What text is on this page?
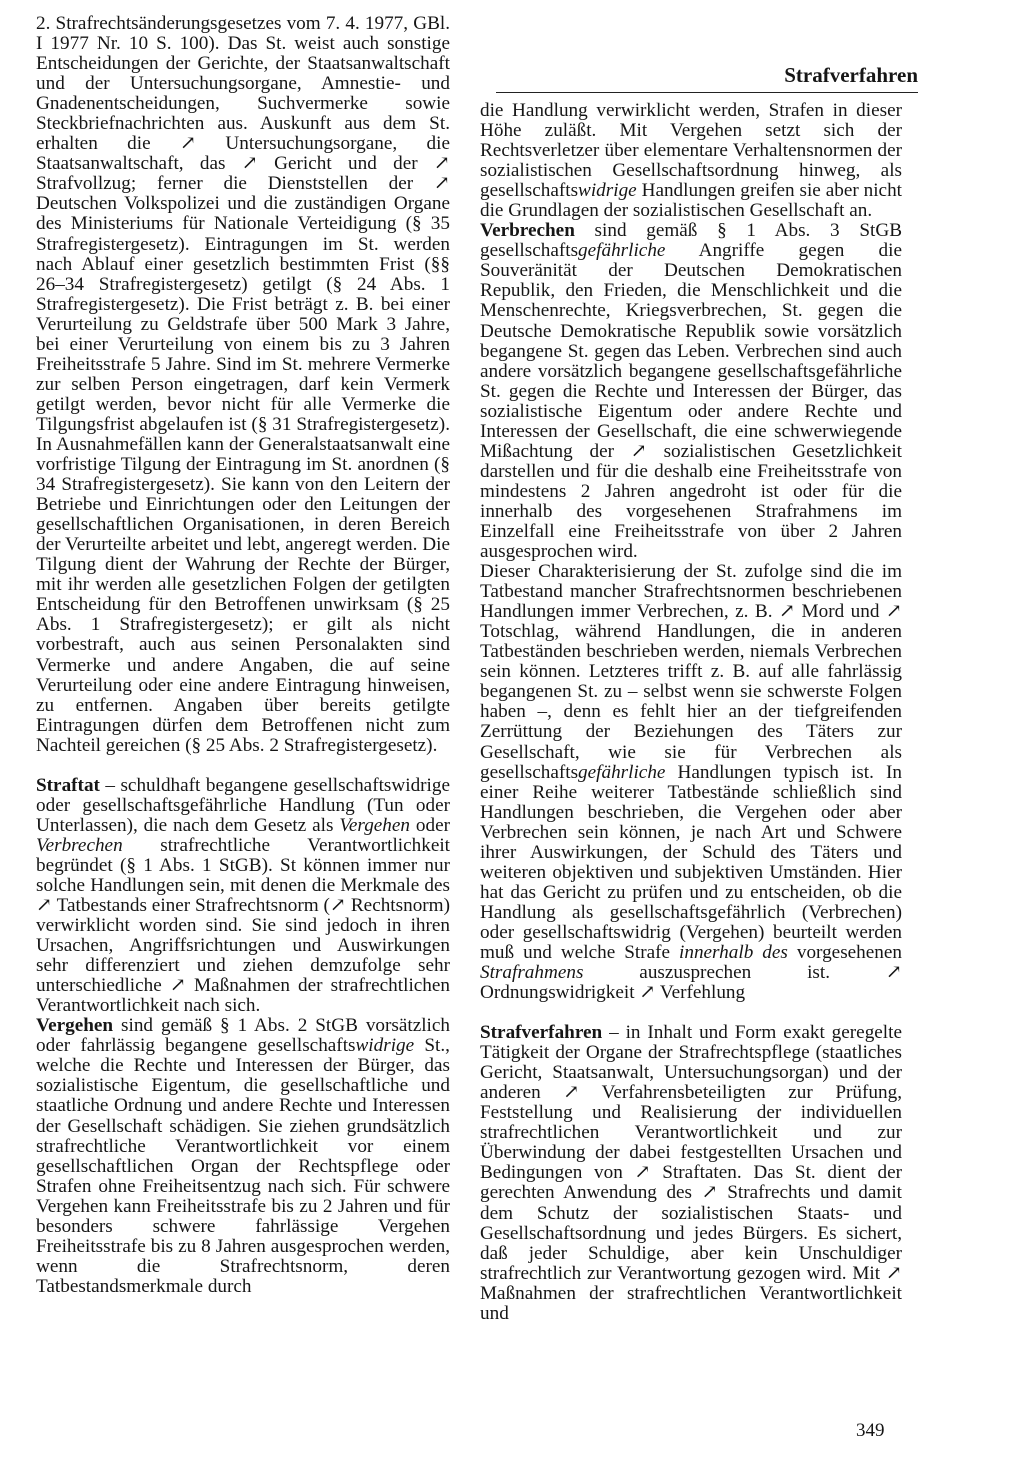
Strafverfahren

2. Strafrechtsänderungsgesetzes vom 7. 4. 1977, GBl. I 1977 Nr. 10 S. 100). Das St. weist auch sonstige Entscheidungen der Gerichte, der Staatsanwaltschaft und der Untersuchungsorgane, Amnestie- und Gnadenentscheidungen, Suchvermerke sowie Steckbriefnachrichten aus. Auskunft aus dem St. erhalten die ↗ Untersuchungsorgane, die Staatsanwaltschaft, das ↗ Gericht und der ↗ Strafvollzug; ferner die Dienststellen der ↗ Deutschen Volkspolizei und die zuständigen Organe des Ministeriums für Nationale Verteidigung (§ 35 Strafregistergesetz). Eintragungen im St. werden nach Ablauf einer gesetzlich bestimmten Frist (§§ 26–34 Strafregistergesetz) getilgt (§ 24 Abs. 1 Strafregistergesetz). Die Frist beträgt z. B. bei einer Verurteilung zu Geldstrafe über 500 Mark 3 Jahre, bei einer Verurteilung von einem bis zu 3 Jahren Freiheitsstrafe 5 Jahre. Sind im St. mehrere Vermerke zur selben Person eingetragen, darf kein Vermerk getilgt werden, bevor nicht für alle Vermerke die Tilgungsfrist abgelaufen ist (§ 31 Strafregistergesetz). In Ausnahmefällen kann der Generalstaatsanwalt eine vorfristige Tilgung der Eintragung im St. anordnen (§ 34 Strafregistergesetz). Sie kann von den Leitern der Betriebe und Einrichtungen oder den Leitungen der gesellschaftlichen Organisationen, in deren Bereich der Verurteilte arbeitet und lebt, angeregt werden. Die Tilgung dient der Wahrung der Rechte der Bürger, mit ihr werden alle gesetzlichen Folgen der getilgten Entscheidung für den Betroffenen unwirksam (§ 25 Abs. 1 Strafregistergesetz); er gilt als nicht vorbestraft, auch aus seinen Personalakten sind Vermerke und andere Angaben, die auf seine Verurteilung oder eine andere Eintragung hinweisen, zu entfernen. Angaben über bereits getilgte Eintragungen dürfen dem Betroffenen nicht zum Nachteil gereichen (§ 25 Abs. 2 Strafregistergesetz).

Straftat – schuldhaft begangene gesellschaftswidrige oder gesellschaftsgefährliche Handlung (Tun oder Unterlassen), die nach dem Gesetz als Vergehen oder Verbrechen strafrechtliche Verantwortlichkeit begründet (§ 1 Abs. 1 StGB). St können immer nur solche Handlungen sein, mit denen die Merkmale des ↗ Tatbestands einer Strafrechtsnorm (↗ Rechtsnorm) verwirklicht worden sind. Sie sind jedoch in ihren Ursachen, Angriffsrichtungen und Auswirkungen sehr differenziert und ziehen demzufolge sehr unterschiedliche ↗ Maßnahmen der strafrechtlichen Verantwortlichkeit nach sich.

Vergehen sind gemäß § 1 Abs. 2 StGB vorsätzlich oder fahrlässig begangene gesellschaftswidrige St., welche die Rechte und Interessen der Bürger, das sozialistische Eigentum, die gesellschaftliche und staatliche Ordnung und andere Rechte und Interessen der Gesellschaft schädigen. Sie ziehen grundsätzlich strafrechtliche Verantwortlichkeit vor einem gesellschaftlichen Organ der Rechtspflege oder Strafen ohne Freiheitsentzug nach sich. Für schwere Vergehen kann Freiheitsstrafe bis zu 2 Jahren und für besonders schwere fahrlässige Vergehen Freiheitsstrafe bis zu 8 Jahren ausgesprochen werden, wenn die Strafrechtsnorm, deren Tatbestandsmerkmale durch

die Handlung verwirklicht werden, Strafen in dieser Höhe zuläßt. Mit Vergehen setzt sich der Rechtsverletzer über elementare Verhaltensnormen der sozialistischen Gesellschaftsordnung hinweg, als gesellschaftswidrige Handlungen greifen sie aber nicht die Grundlagen der sozialistischen Gesellschaft an.

Verbrechen sind gemäß § 1 Abs. 3 StGB gesellschaftsgefährliche Angriffe gegen die Souveränität der Deutschen Demokratischen Republik, den Frieden, die Menschlichkeit und die Menschenrechte, Kriegsverbrechen, St. gegen die Deutsche Demokratische Republik sowie vorsätzlich begangene St. gegen das Leben. Verbrechen sind auch andere vorsätzlich begangene gesellschaftsgefährliche St. gegen die Rechte und Interessen der Bürger, das sozialistische Eigentum oder andere Rechte und Interessen der Gesellschaft, die eine schwerwiegende Mißachtung der ↗ sozialistischen Gesetzlichkeit darstellen und für die deshalb eine Freiheitsstrafe von mindestens 2 Jahren angedroht ist oder für die innerhalb des vorgesehenen Strafrahmens im Einzelfall eine Freiheitsstrafe von über 2 Jahren ausgesprochen wird.

Dieser Charakterisierung der St. zufolge sind die im Tatbestand mancher Strafrechtsnormen beschriebenen Handlungen immer Verbrechen, z. B. ↗ Mord und ↗ Totschlag, während Handlungen, die in anderen Tatbeständen beschrieben werden, niemals Verbrechen sein können. Letzteres trifft z. B. auf alle fahrlässig begangenen St. zu – selbst wenn sie schwerste Folgen haben –, denn es fehlt hier an der tiefgreifenden Zerrüttung der Beziehungen des Täters zur Gesellschaft, wie sie für Verbrechen als gesellschaftsgefährliche Handlungen typisch ist. In einer Reihe weiterer Tatbestände schließlich sind Handlungen beschrieben, die Vergehen oder aber Verbrechen sein können, je nach Art und Schwere ihrer Auswirkungen, der Schuld des Täters und weiteren objektiven und subjektiven Umständen. Hier hat das Gericht zu prüfen und zu entscheiden, ob die Handlung als gesellschaftsgefährlich (Verbrechen) oder gesellschaftswidrig (Vergehen) beurteilt werden muß und welche Strafe innerhalb des vorgesehenen Strafrahmens auszusprechen ist. ↗ Ordnungswidrigkeit ↗ Verfehlung

Strafverfahren – in Inhalt und Form exakt geregelte Tätigkeit der Organe der Strafrechtspflege (staatliches Gericht, Staatsanwalt, Untersuchungsorgan) und der anderen ↗ Verfahrensbeteiligten zur Prüfung, Feststellung und Realisierung der individuellen strafrechtlichen Verantwortlichkeit und zur Überwindung der dabei festgestellten Ursachen und Bedingungen von ↗ Straftaten. Das St. dient der gerechten Anwendung des ↗ Strafrechts und damit dem Schutz der sozialistischen Staats- und Gesellschaftsordnung und jedes Bürgers. Es sichert, daß jeder Schuldige, aber kein Unschuldiger strafrechtlich zur Verantwortung gezogen wird. Mit ↗ Maßnahmen der strafrechtlichen Verantwortlichkeit und

349
